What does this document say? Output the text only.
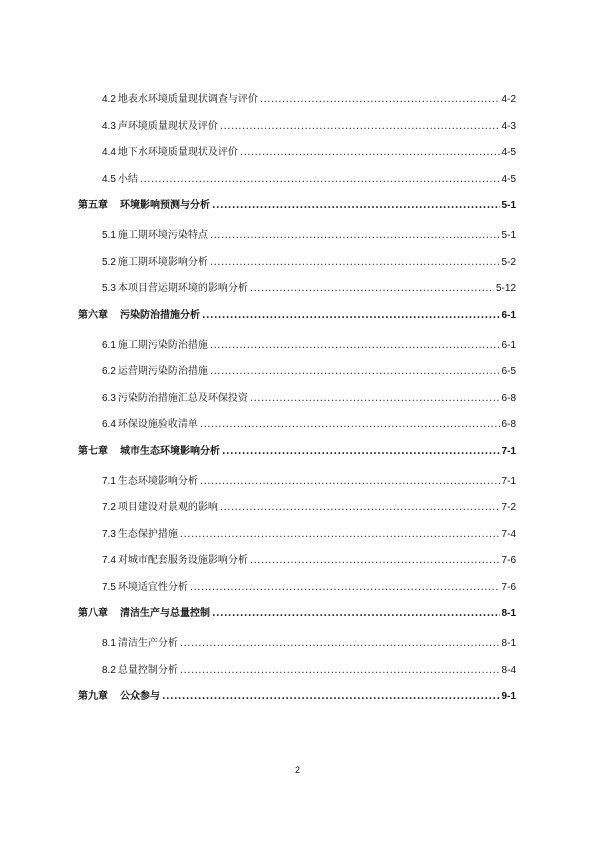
4.2 地表水环境质量现状调查与评价 .....	4-2
4.3 声环境质量现状及评价 .....	4-3
4.4 地下水环境质量现状及评价 .....	4-5
4.5 小结 .....	4-5
第五章 环境影响预测与分析 .....	5-1
5.1 施工期环境污染特点 .....	5-1
5.2 施工期环境影响分析 .....	5-2
5.3 本项目营运期环境的影响分析 .....	5-12
第六章 污染防治措施分析 .....	6-1
6.1 施工期污染防治措施 .....	6-1
6.2 运营期污染防治措施 .....	6-5
6.3 污染防治措施汇总及环保投资 .....	6-8
6.4 环保设施验收清单 .....	6-8
第七章 城市生态环境影响分析 .....	7-1
7.1 生态环境影响分析 .....	7-1
7.2 项目建设对景观的影响 .....	7-2
7.3 生态保护措施 .....	7-4
7.4 对城市配套服务设施影响分析 .....	7-6
7.5 环境适宜性分析 .....	7-6
第八章 清洁生产与总量控制 .....	8-1
8.1 清洁生产分析 .....	8-1
8.2 总量控制分析 .....	8-4
第九章 公众参与 .....	9-1
2
